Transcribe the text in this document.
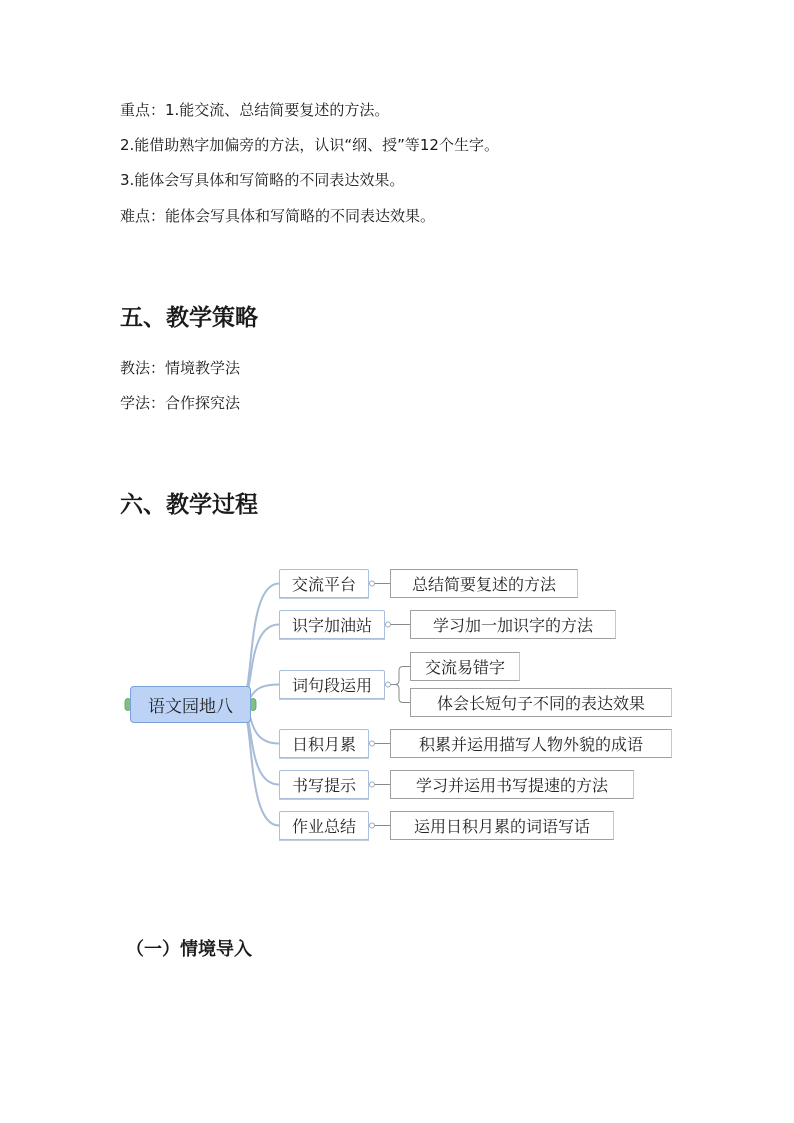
重点：1.能交流、总结简要复述的方法。
2.能借助熟字加偏旁的方法，认识“纲、授”等12个生字。
3.能体会写具体和写简略的不同表达效果。
难点：能体会写具体和写简略的不同表达效果。
五、教学策略
教法：情境教学法
学法：合作探究法
六、教学过程
语文园地八
交流平台	总结简要复述的方法
识字加油站	学习加一加识字的方法
词句段运用
交流易错字
体会长短句子不同的表达效果
日积月累	积累并运用描写人物外貌的成语
书写提示	学习并运用书写提速的方法
作业总结	运用日积月累的词语写话
（一）情境导入
